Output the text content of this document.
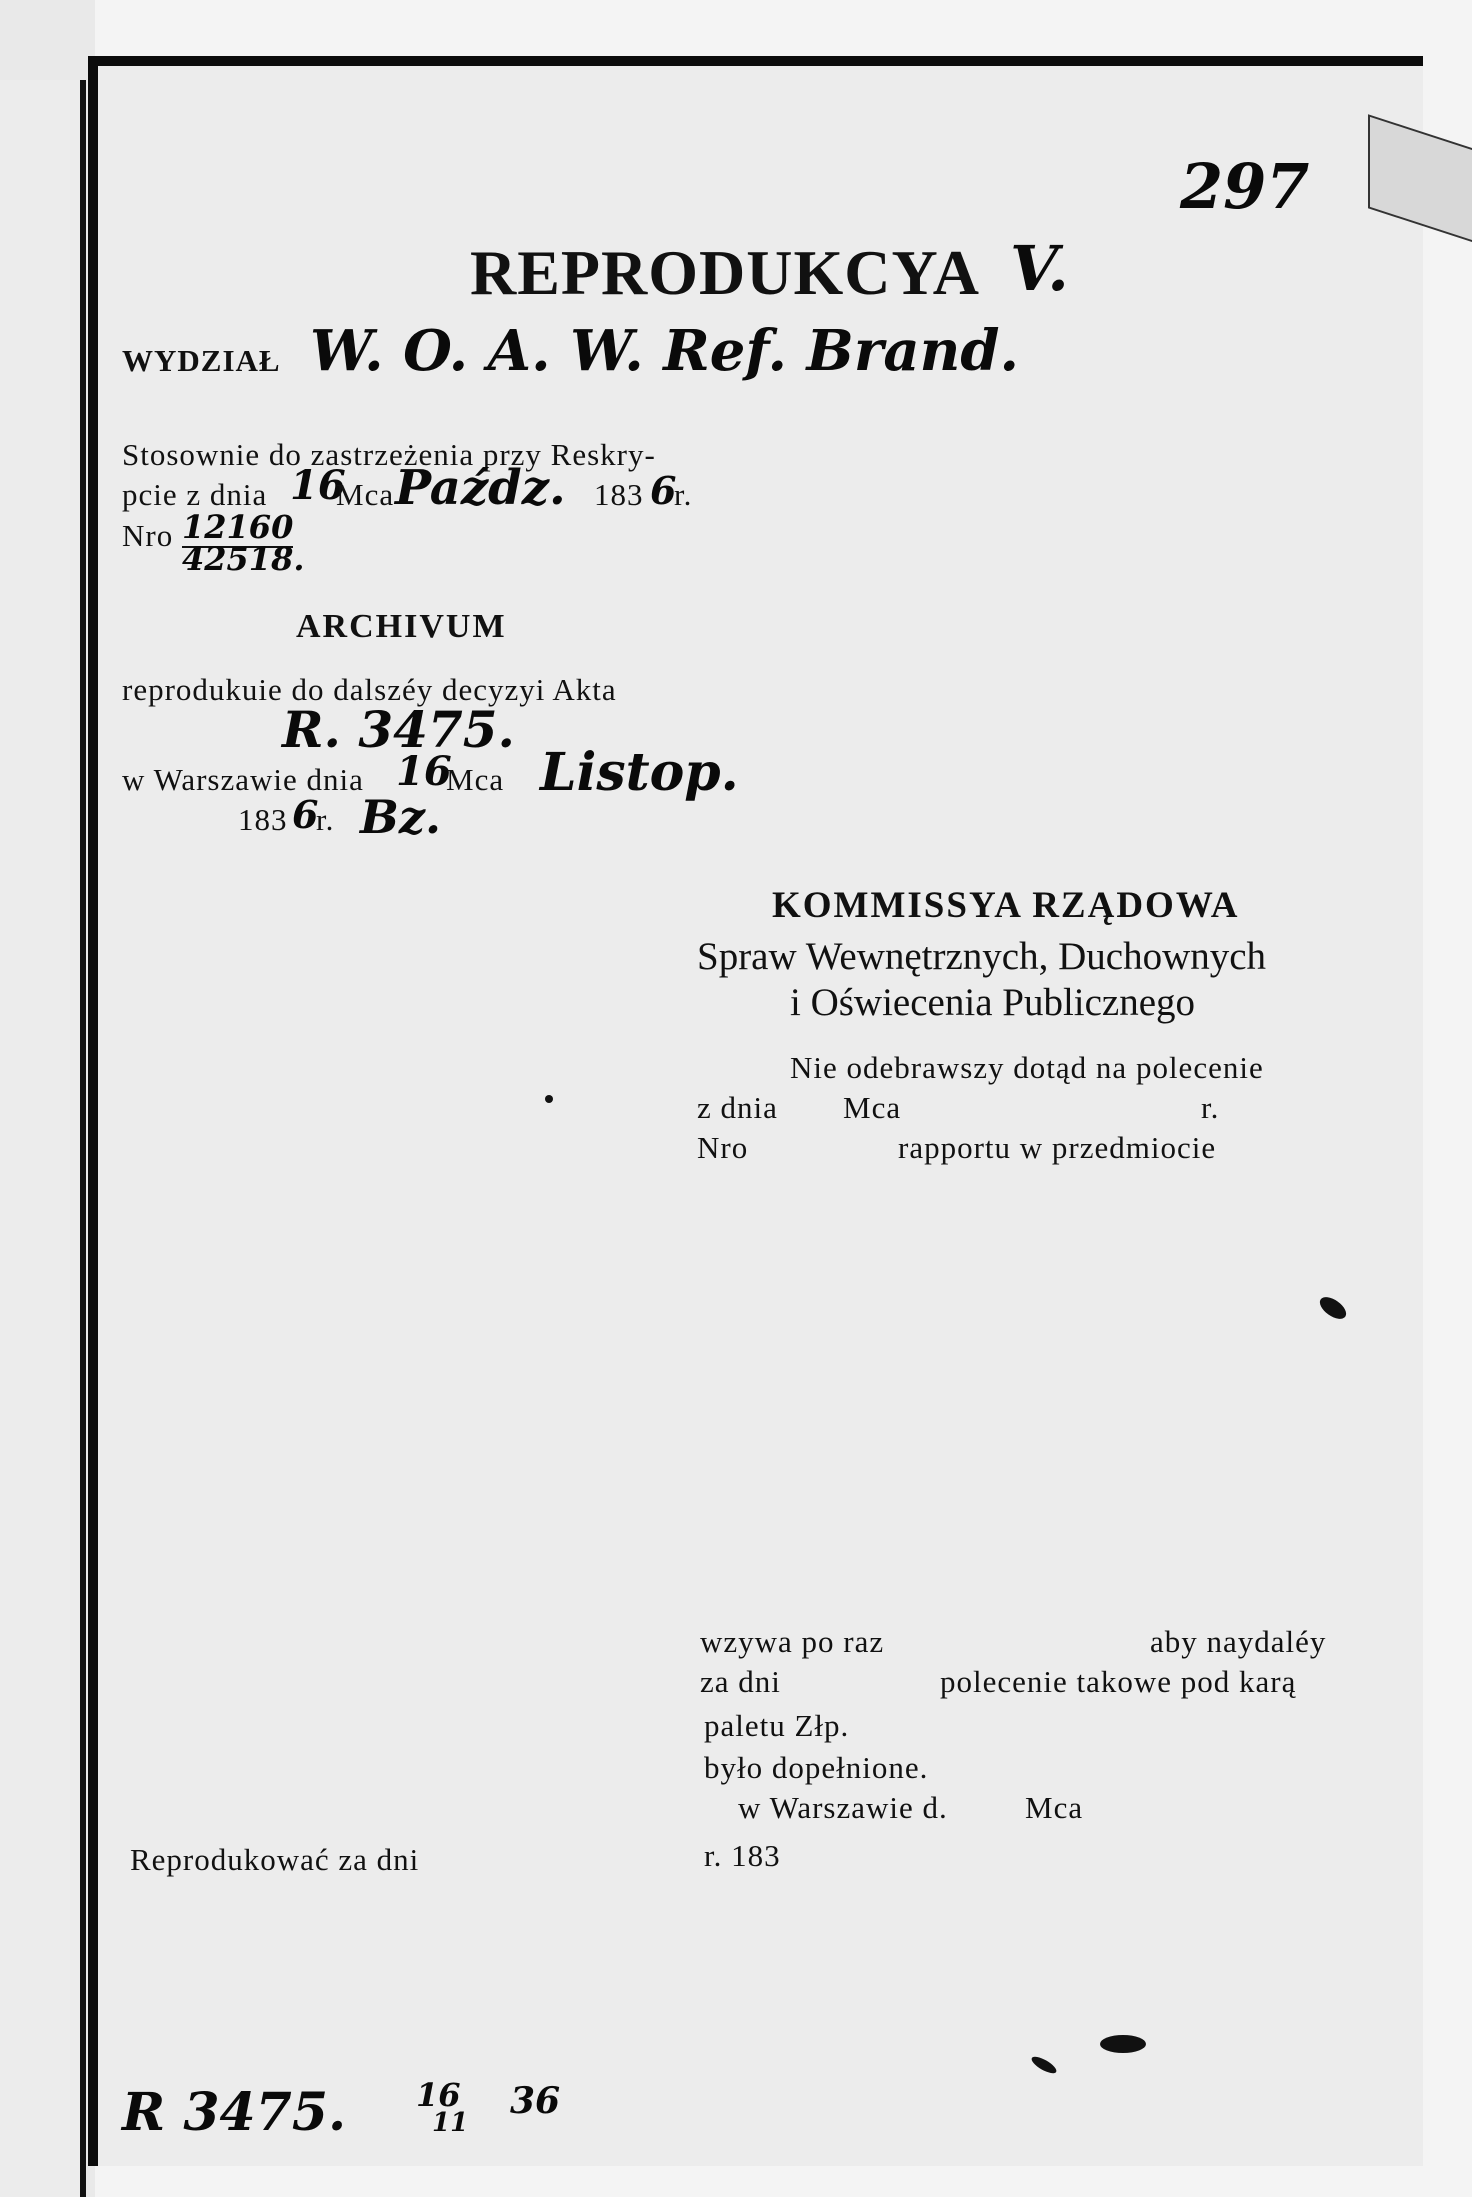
297
REPRODUKCYA V.
WYDZIAŁ W. O. A. W. Ref. Brand.
Stosownie do zastrzeżenia przy Reskry-
pcie z dnia 16
Mca Paźdz. 183 6
r.
Nro 12160
42518.
ARCHIVUM
reprodukuie do dalszéy decyzyi Akta
R. 3475.
w Warszawie dnia 16
Mca Listop.
183 6
r. Bz.
KOMMISSYA RZĄDOWA
Spraw Wewnętrznych, Duchownych
i Oświecenia Publicznego
Nie odebrawszy dotąd na polecenie
z dnia Mca	r.
Nro	rapportu w przedmiocie
wzywa po raz	aby naydaléy
za dni	polecenie takowe pod karą
paletu Złp.
było dopełnione.
w Warszawie d. Mca
r. 183
Reprodukować za dni
R 3475. 16
11
36
